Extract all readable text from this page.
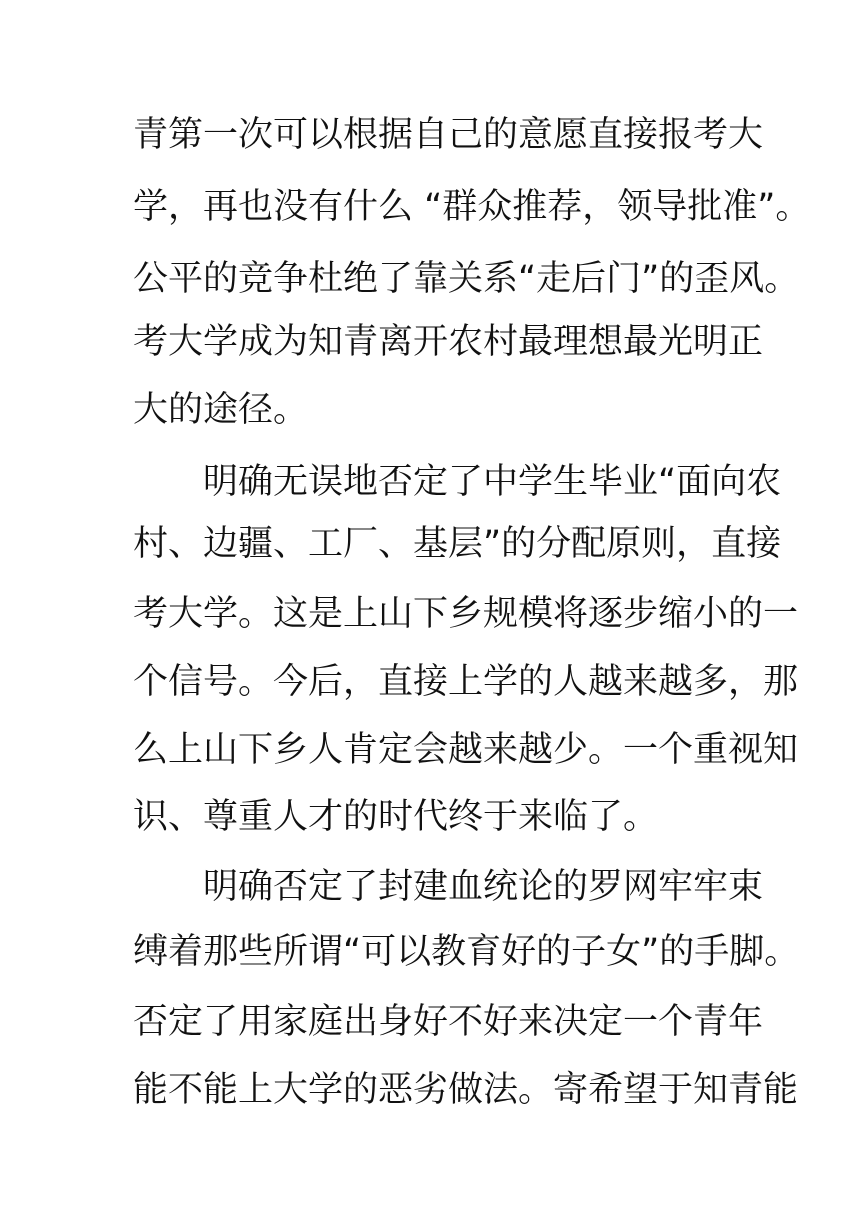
青第一次可以根据自己的意愿直接报考大
学，再也没有什么 “群众推荐，领导批准”。
公平的竞争杜绝了靠关系“走后门”的歪风。
考大学成为知青离开农村最理想最光明正
大的途径。
明确无误地否定了中学生毕业“面向农
村、边疆、工厂、基层”的分配原则，直接
考大学。这是上山下乡规模将逐步缩小的一
个信号。今后，直接上学的人越来越多，那
么上山下乡人肯定会越来越少。一个重视知
识、尊重人才的时代终于来临了。
明确否定了封建血统论的罗网牢牢束
缚着那些所谓“可以教育好的子女”的手脚。
否定了用家庭出身好不好来决定一个青年
能不能上大学的恶劣做法。寄希望于知青能
